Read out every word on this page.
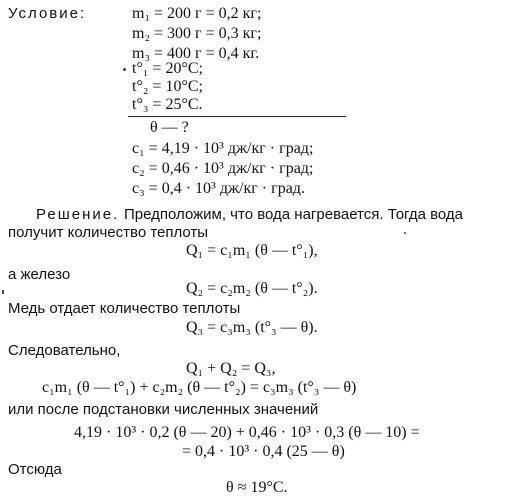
Условие:	m₁ = 200 г = 0,2 кг;
m₂ = 300 г = 0,3 кг;
m₃ = 400 г = 0,4 кг.
t°₁ = 20°C;
t°₂ = 10°C;
t°₃ = 25°C.
θ — ?
c₁ = 4,19 · 10³ дж/кг · град;
c₂ = 0,46 · 10³ дж/кг · град;
c₃ = 0,4 · 10³ дж/кг · град.
Решение. Предположим, что вода нагревается. Тогда вода
получит количество теплоты
Q₁ = c₁m₁ (θ — t°₁),
а железо
Q₂ = c₂m₂ (θ — t°₂).
Медь отдает количество теплоты
Q₃ = c₃m₃ (t°₃ — θ).
Следовательно,
Q₁ + Q₂ = Q₃,
c₁m₁ (θ — t°₁) + c₂m₂ (θ — t°₂) = c₃m₃ (t°₃ — θ)
или после подстановки численных значений
4,19 · 10³ · 0,2 (θ — 20) + 0,46 · 10³ · 0,3 (θ — 10) =
= 0,4 · 10³ · 0,4 (25 — θ)
Отсюда
θ ≈ 19°C.
